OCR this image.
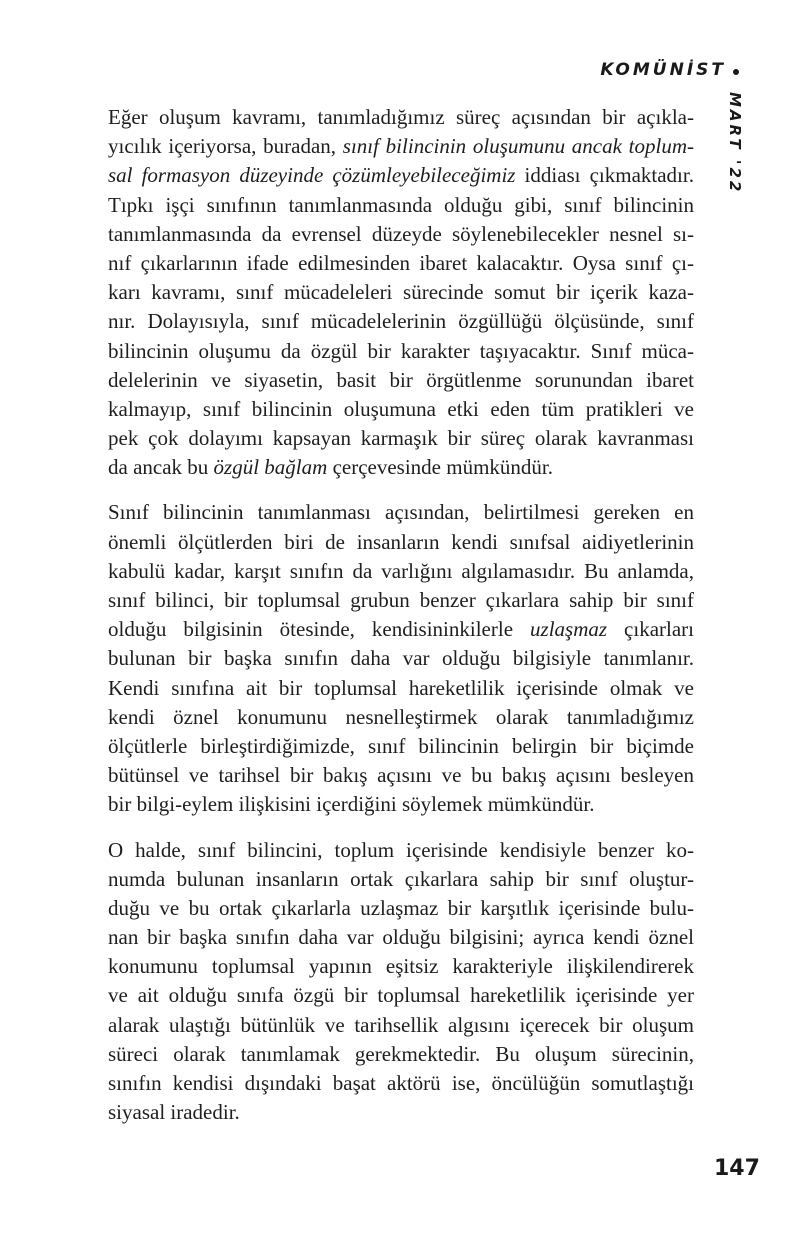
KOMÜNİST
MART '22
Eğer oluşum kavramı, tanımladığımız süreç açısından bir açıkla-
yıcılık içeriyorsa, buradan, sınıf bilincinin oluşumunu ancak toplum-
sal formasyon düzeyinde çözümleyebileceğimiz iddiası çıkmaktadır.
Tıpkı işçi sınıfının tanımlanmasında olduğu gibi, sınıf bilincinin
tanımlanmasında da evrensel düzeyde söylenebilecekler nesnel sı-
nıf çıkarlarının ifade edilmesinden ibaret kalacaktır. Oysa sınıf çı-
karı kavramı, sınıf mücadeleleri sürecinde somut bir içerik kaza-
nır. Dolayısıyla, sınıf mücadelelerinin özgüllüğü ölçüsünde, sınıf
bilincinin oluşumu da özgül bir karakter taşıyacaktır. Sınıf müca-
delelerinin ve siyasetin, basit bir örgütlenme sorunundan ibaret
kalmayıp, sınıf bilincinin oluşumuna etki eden tüm pratikleri ve
pek çok dolayımı kapsayan karmaşık bir süreç olarak kavranması
da ancak bu özgül bağlam çerçevesinde mümkündür.
Sınıf bilincinin tanımlanması açısından, belirtilmesi gereken en
önemli ölçütlerden biri de insanların kendi sınıfsal aidiyetlerinin
kabulü kadar, karşıt sınıfın da varlığını algılamasıdır. Bu anlamda,
sınıf bilinci, bir toplumsal grubun benzer çıkarlara sahip bir sınıf
olduğu bilgisinin ötesinde, kendisininkilerle uzlaşmaz çıkarları
bulunan bir başka sınıfın daha var olduğu bilgisiyle tanımlanır.
Kendi sınıfına ait bir toplumsal hareketlilik içerisinde olmak ve
kendi öznel konumunu nesnelleştirmek olarak tanımladığımız
ölçütlerle birleştirdiğimizde, sınıf bilincinin belirgin bir biçimde
bütünsel ve tarihsel bir bakış açısını ve bu bakış açısını besleyen
bir bilgi-eylem ilişkisini içerdiğini söylemek mümkündür.
O halde, sınıf bilincini, toplum içerisinde kendisiyle benzer ko-
numda bulunan insanların ortak çıkarlara sahip bir sınıf oluştur-
duğu ve bu ortak çıkarlarla uzlaşmaz bir karşıtlık içerisinde bulu-
nan bir başka sınıfın daha var olduğu bilgisini; ayrıca kendi öznel
konumunu toplumsal yapının eşitsiz karakteriyle ilişkilendirerek
ve ait olduğu sınıfa özgü bir toplumsal hareketlilik içerisinde yer
alarak ulaştığı bütünlük ve tarihsellik algısını içerecek bir oluşum
süreci olarak tanımlamak gerekmektedir. Bu oluşum sürecinin,
sınıfın kendisi dışındaki başat aktörü ise, öncülüğün somutlaştığı
siyasal iradedir.
147
